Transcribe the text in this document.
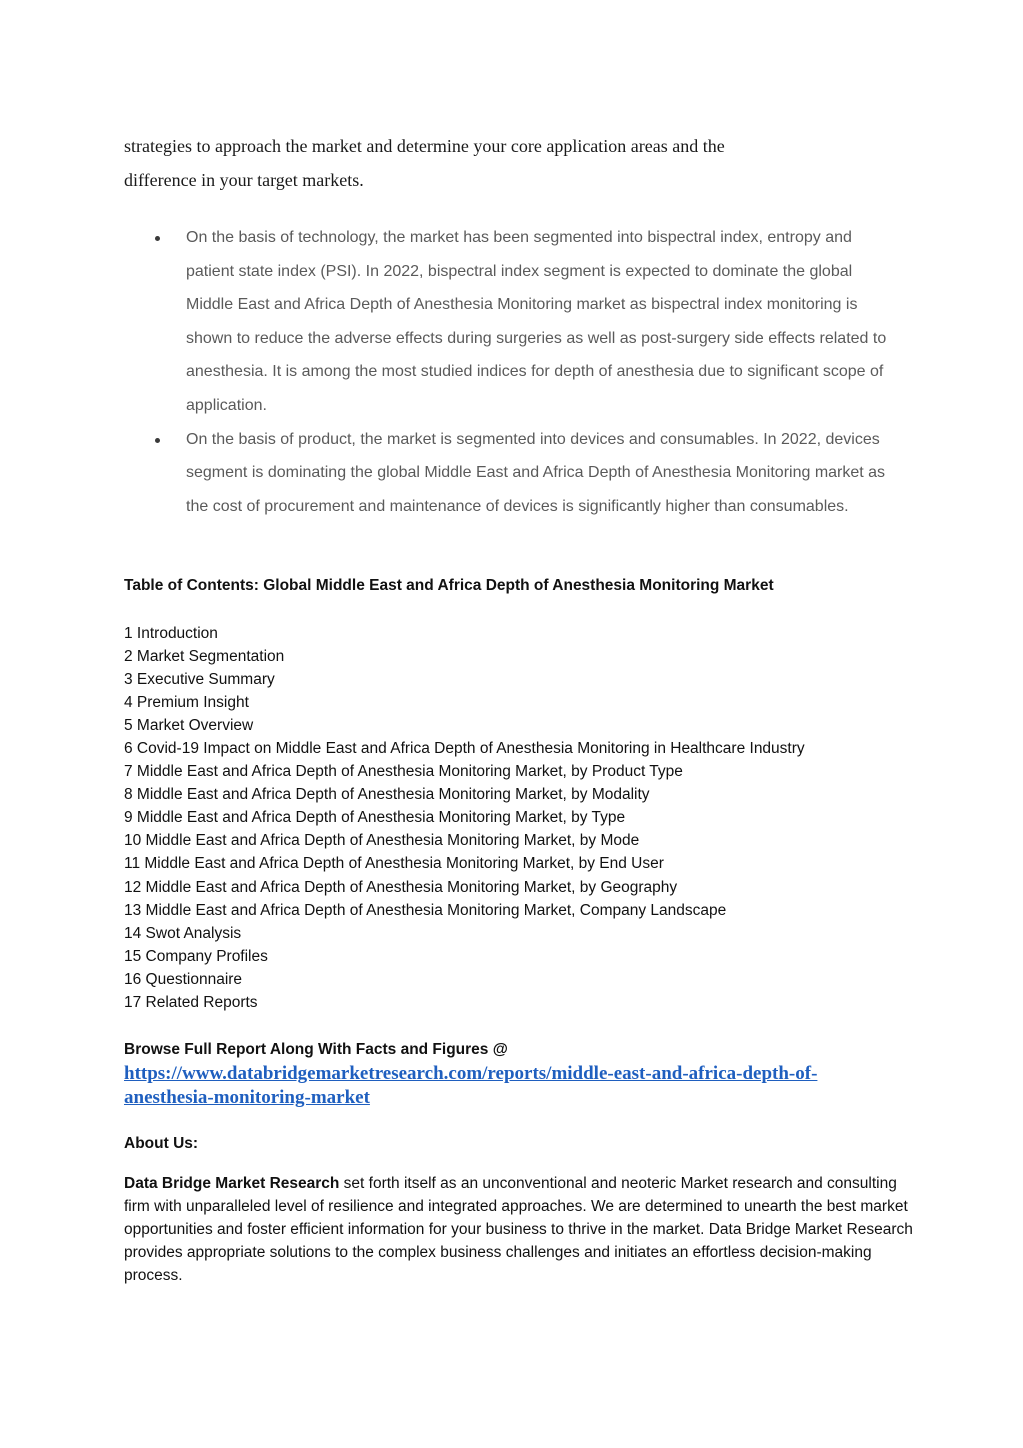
strategies to approach the market and determine your core application areas and the
difference in your target markets.

On the basis of technology, the market has been segmented into bispectral index, entropy and patient state index (PSI). In 2022, bispectral index segment is expected to dominate the global Middle East and Africa Depth of Anesthesia Monitoring market as bispectral index monitoring is shown to reduce the adverse effects during surgeries as well as post-surgery side effects related to anesthesia. It is among the most studied indices for depth of anesthesia due to significant scope of application.
On the basis of product, the market is segmented into devices and consumables. In 2022, devices segment is dominating the global Middle East and Africa Depth of Anesthesia Monitoring market as the cost of procurement and maintenance of devices is significantly higher than consumables.

Table of Contents: Global Middle East and Africa Depth of Anesthesia Monitoring Market

1 Introduction
2 Market Segmentation
3 Executive Summary
4 Premium Insight
5 Market Overview
6 Covid-19 Impact on Middle East and Africa Depth of Anesthesia Monitoring in Healthcare Industry
7 Middle East and Africa Depth of Anesthesia Monitoring Market, by Product Type
8 Middle East and Africa Depth of Anesthesia Monitoring Market, by Modality
9 Middle East and Africa Depth of Anesthesia Monitoring Market, by Type
10 Middle East and Africa Depth of Anesthesia Monitoring Market, by Mode
11 Middle East and Africa Depth of Anesthesia Monitoring Market, by End User
12 Middle East and Africa Depth of Anesthesia Monitoring Market, by Geography
13 Middle East and Africa Depth of Anesthesia Monitoring Market, Company Landscape
14 Swot Analysis
15 Company Profiles
16 Questionnaire
17 Related Reports

Browse Full Report Along With Facts and Figures @

https://www.databridgemarketresearch.com/reports/middle-east-and-africa-depth-of-
anesthesia-monitoring-market

About Us:

Data Bridge Market Research set forth itself as an unconventional and neoteric Market research and consulting firm with unparalleled level of resilience and integrated approaches. We are determined to unearth the best market opportunities and foster efficient information for your business to thrive in the market. Data Bridge Market Research provides appropriate solutions to the complex business challenges and initiates an effortless decision-making process.
